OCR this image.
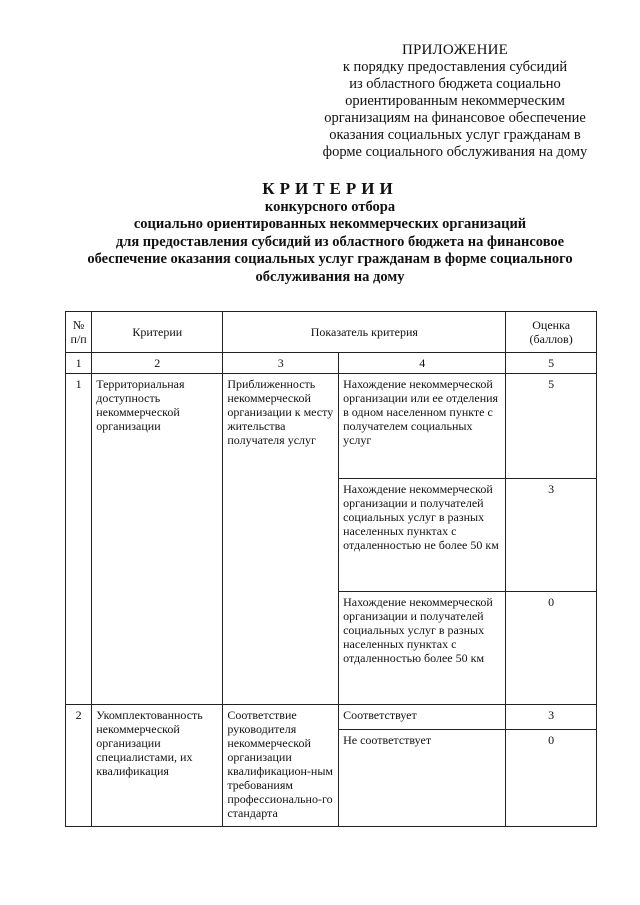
ПРИЛОЖЕНИЕ
к порядку предоставления субсидий
из областного бюджета социально
ориентированным некоммерческим
организациям на финансовое обеспечение
оказания социальных услуг гражданам в
форме социального обслуживания на дому
КРИТЕРИИ
конкурсного отбора
социально ориентированных некоммерческих организаций
для предоставления субсидий из областного бюджета на финансовое
обеспечение оказания социальных услуг гражданам в форме социального
обслуживания на дому
№ п/п	Критерии	Показатель критерия		Оценка (баллов)
1	2	3	4	5
1	Территориальная доступность некоммерческой организации	Приближенность некоммерческой организации к месту жительства получателя услуг	Нахождение некоммерческой организации или ее отделения в одном населенном пункте с получателем социальных услуг	5
			Нахождение некоммерческой организации и получателей социальных услуг в разных населенных пунктах с отдаленностью не более 50 км	3
			Нахождение некоммерческой организации и получателей социальных услуг в разных населенных пунктах с отдаленностью более 50 км	0
2	Укомплектованность некоммерческой организации специалистами, их квалификация	Соответствие руководителя некоммерческой организации квалификацион-ным требованиям профессионально-го стандарта	Соответствует	3
			Не соответствует	0
